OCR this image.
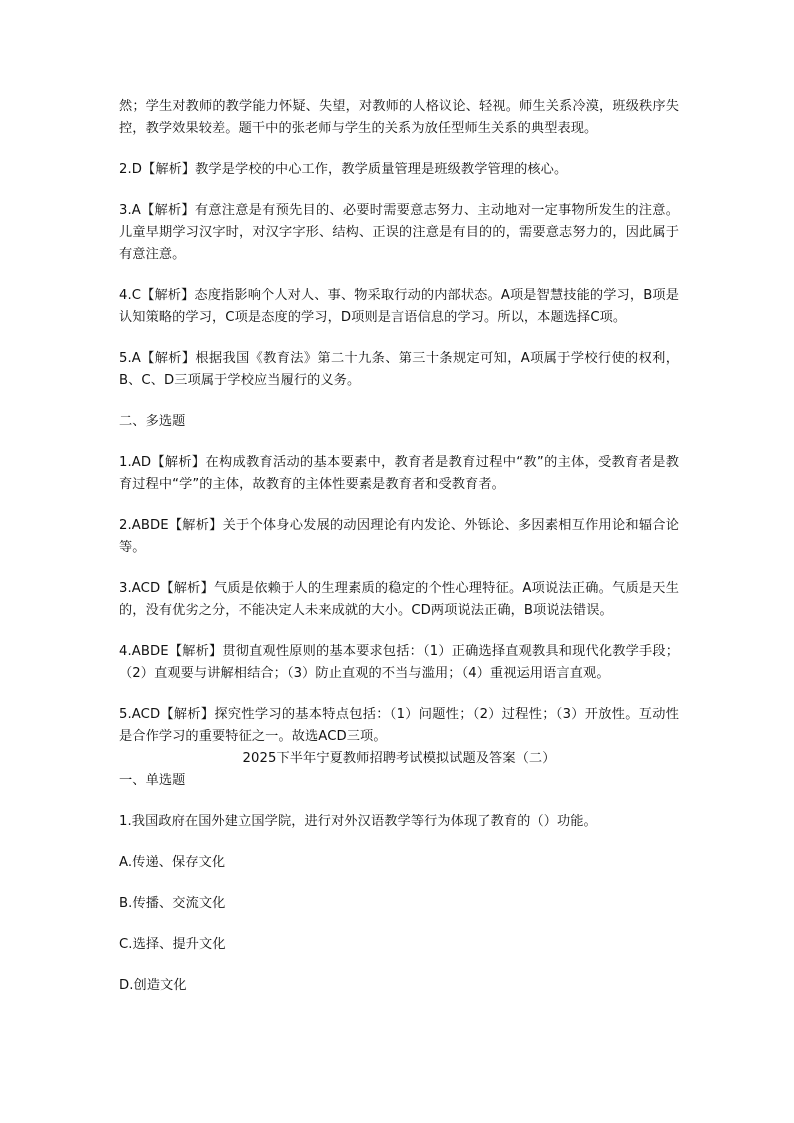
然；学生对教师的教学能力怀疑、失望，对教师的人格议论、轻视。师生关系冷漠，班级秩序失控，教学效果较差。题干中的张老师与学生的关系为放任型师生关系的典型表现。

2.D【解析】教学是学校的中心工作，教学质量管理是班级教学管理的核心。

3.A【解析】有意注意是有预先目的、必要时需要意志努力、主动地对一定事物所发生的注意。儿童早期学习汉字时，对汉字字形、结构、正误的注意是有目的的，需要意志努力的，因此属于有意注意。

4.C【解析】态度指影响个人对人、事、物采取行动的内部状态。A项是智慧技能的学习，B项是认知策略的学习，C项是态度的学习，D项则是言语信息的学习。所以，本题选择C项。

5.A【解析】根据我国《教育法》第二十九条、第三十条规定可知，A项属于学校行使的权利，B、C、D三项属于学校应当履行的义务。

二、多选题

1.AD【解析】在构成教育活动的基本要素中，教育者是教育过程中“教”的主体，受教育者是教育过程中“学”的主体，故教育的主体性要素是教育者和受教育者。

2.ABDE【解析】关于个体身心发展的动因理论有内发论、外铄论、多因素相互作用论和辐合论等。

3.ACD【解析】气质是依赖于人的生理素质的稳定的个性心理特征。A项说法正确。气质是天生的，没有优劣之分，不能决定人未来成就的大小。CD两项说法正确，B项说法错误。

4.ABDE【解析】贯彻直观性原则的基本要求包括：（1）正确选择直观教具和现代化教学手段；（2）直观要与讲解相结合；（3）防止直观的不当与滥用；（4）重视运用语言直观。

5.ACD【解析】探究性学习的基本特点包括：（1）问题性；（2）过程性；（3）开放性。互动性是合作学习的重要特征之一。故选ACD三项。

2025下半年宁夏教师招聘考试模拟试题及答案（二）

一、单选题

1.我国政府在国外建立国学院，进行对外汉语教学等行为体现了教育的（）功能。

A.传递、保存文化

B.传播、交流文化

C.选择、提升文化

D.创造文化
